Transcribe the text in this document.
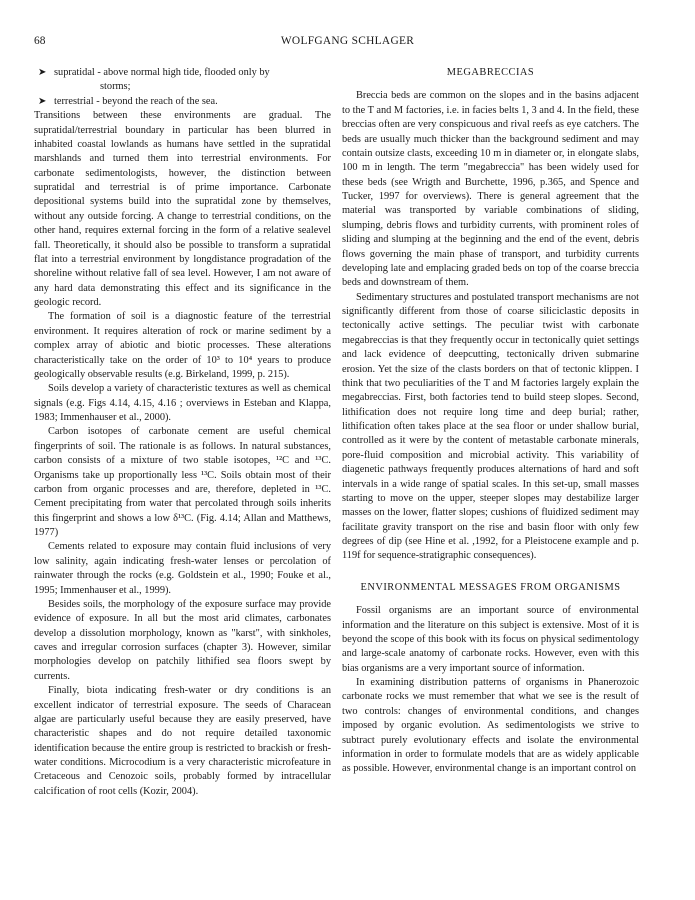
68	WOLFGANG SCHLAGER
➤ supratidal - above normal high tide, flooded only by
storms;
➤ terrestrial - beyond the reach of the sea.

Transitions between these environments are gradual. The supratidal/terrestrial boundary in particular has been blurred in inhabited coastal lowlands as humans have settled in the supratidal marshlands and turned them into terrestrial environments. For carbonate sedimentologists, however, the distinction between supratidal and terrestrial is of prime importance. Carbonate depositional systems build into the supratidal zone by themselves, without any outside forcing. A change to terrestrial conditions, on the other hand, requires external forcing in the form of a relative sealevel fall. Theoretically, it should also be possible to transform a supratidal flat into a terrestrial environment by longdistance progradation of the shoreline without relative fall of sea level. However, I am not aware of any hard data demonstrating this effect and its significance in the geologic record.

The formation of soil is a diagnostic feature of the terrestrial environment. It requires alteration of rock or marine sediment by a complex array of abiotic and biotic processes. These alterations characteristically take on the order of 10³ to 10⁴ years to produce geologically observable results (e.g. Birkeland, 1999, p. 215).

Soils develop a variety of characteristic textures as well as chemical signals (e.g. Figs 4.14, 4.15, 4.16 ; overviews in Esteban and Klappa, 1983; Immenhauser et al., 2000).

Carbon isotopes of carbonate cement are useful chemical fingerprints of soil. The rationale is as follows. In natural substances, carbon consists of a mixture of two stable isotopes, ¹²C and ¹³C. Organisms take up proportionally less ¹³C. Soils obtain most of their carbon from organic processes and are, therefore, depleted in ¹³C. Cement precipitating from water that percolated through soils inherits this fingerprint and shows a low δ¹³C. (Fig. 4.14; Allan and Matthews, 1977)

Cements related to exposure may contain fluid inclusions of very low salinity, again indicating fresh-water lenses or percolation of rainwater through the rocks (e.g. Goldstein et al., 1990; Fouke et al., 1995; Immenhauser et al., 1999).

Besides soils, the morphology of the exposure surface may provide evidence of exposure. In all but the most arid climates, carbonates develop a dissolution morphology, known as "karst", with sinkholes, caves and irregular corrosion surfaces (chapter 3). However, similar morphologies develop on patchily lithified sea floors swept by currents.

Finally, biota indicating fresh-water or dry conditions is an excellent indicator of terrestrial exposure. The seeds of Characean algae are particularly useful because they are easily preserved, have characteristic shapes and do not require detailed taxonomic identification because the entire group is restricted to brackish or fresh-water conditions. Microcodium is a very characteristic microfeature in Cretaceous and Cenozoic soils, probably formed by intracellular calcification of root cells (Kozir, 2004).

MEGABRECCIAS

Breccia beds are common on the slopes and in the basins adjacent to the T and M factories, i.e. in facies belts 1, 3 and 4. In the field, these breccias often are very conspicuous and rival reefs as eye catchers. The beds are usually much thicker than the background sediment and may contain outsize clasts, exceeding 10 m in diameter or, in elongate slabs, 100 m in length. The term "megabreccia" has been widely used for these beds (see Wrigth and Burchette, 1996, p.365, and Spence and Tucker, 1997 for overviews). There is general agreement that the material was transported by variable combinations of sliding, slumping, debris flows and turbidity currents, with prominent roles of sliding and slumping at the beginning and the end of the event, debris flows governing the main phase of transport, and turbidity currents developing late and emplacing graded beds on top of the coarse breccia beds and downstream of them.

Sedimentary structures and postulated transport mechanisms are not significantly different from those of coarse siliciclastic deposits in tectonically active settings. The peculiar twist with carbonate megabreccias is that they frequently occur in tectonically quiet settings and lack evidence of deepcutting, tectonically driven submarine erosion. Yet the size of the clasts borders on that of tectonic klippen. I think that two peculiarities of the T and M factories largely explain the megabreccias. First, both factories tend to build steep slopes. Second, lithification does not require long time and deep burial; rather, lithification often takes place at the sea floor or under shallow burial, controlled as it were by the content of metastable carbonate minerals, pore-fluid composition and microbial activity. This variability of diagenetic pathways frequently produces alternations of hard and soft intervals in a wide range of spatial scales. In this set-up, small masses starting to move on the upper, steeper slopes may destabilize larger masses on the lower, flatter slopes; cushions of fluidized sediment may facilitate gravity transport on the rise and basin floor with only few degrees of dip (see Hine et al. ,1992, for a Pleistocene example and p. 119f for sequence-stratigraphic consequences).

ENVIRONMENTAL MESSAGES FROM ORGANISMS

Fossil organisms are an important source of environmental information and the literature on this subject is extensive. Most of it is beyond the scope of this book with its focus on physical sedimentology and large-scale anatomy of carbonate rocks. However, even with this bias organisms are a very important source of information.

In examining distribution patterns of organisms in Phanerozoic carbonate rocks we must remember that what we see is the result of two controls: changes of environmental conditions, and changes imposed by organic evolution. As sedimentologists we strive to subtract purely evolutionary effects and isolate the environmental information in order to formulate models that are as widely applicable as possible. However, environmental change is an important control on
